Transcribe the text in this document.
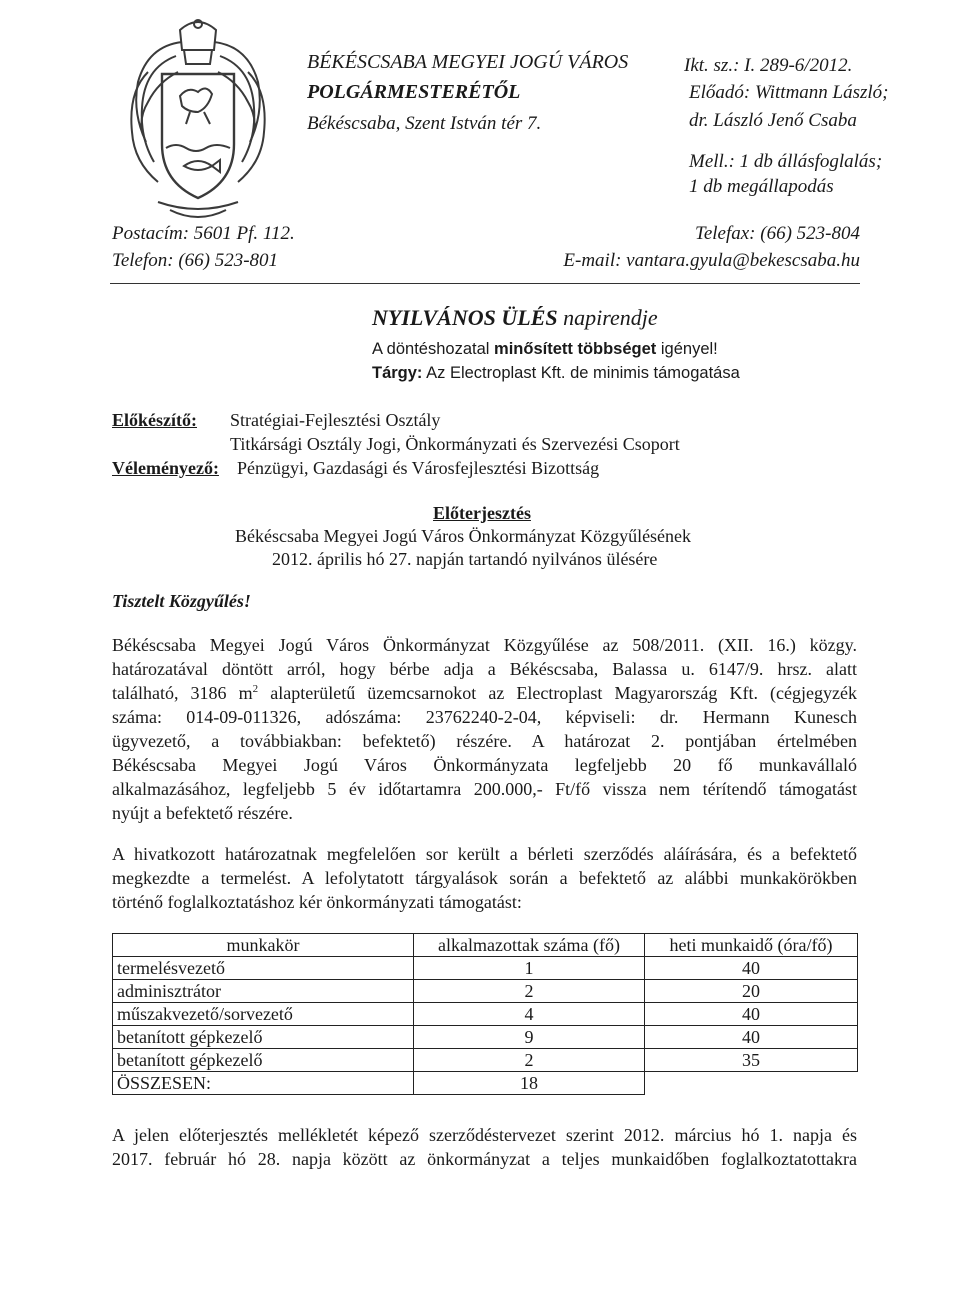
BÉKÉSCSABA MEGYEI JOGÚ VÁROS
POLGÁRMESTERÉTŐL
Békéscsaba, Szent István tér 7.
Postacím: 5601 Pf. 112.
Telefon: (66) 523-801
Ikt. sz.: I. 289-6/2012.
Előadó: Wittmann László;
dr. László Jenő Csaba
Mell.: 1 db állásfoglalás;
1 db megállapodás
Telefax: (66) 523-804
E-mail: vantara.gyula@bekescsaba.hu
NYILVÁNOS ÜLÉS napirendje
A döntéshozatal minősített többséget igényel!
Tárgy: Az Electroplast Kft. de minimis támogatása
Előkészítő: Stratégiai-Fejlesztési Osztály
Titkársági Osztály Jogi, Önkormányzati és Szervezési Csoport
Véleményező: Pénzügyi, Gazdasági és Városfejlesztési Bizottság
Előterjesztés
Békéscsaba Megyei Jogú Város Önkormányzat Közgyűlésének
2012. április hó 27. napján tartandó nyilvános ülésére
Tisztelt Közgyűlés!
Békéscsaba Megyei Jogú Város Önkormányzat Közgyűlése az 508/2011. (XII. 16.) közgy.
határozatával döntött arról, hogy bérbe adja a Békéscsaba, Balassa u. 6147/9. hrsz. alatt
található, 3186 $m^2$ alapterületű üzemcsarnokot az Electroplast Magyarország Kft. (cégjegyzék
száma: 014-09-011326, adószáma: 23762240-2-04, képviseli: dr. Hermann Kunesch
ügyvezető, a továbbiakban: befektető) részére. A határozat 2. pontjában értelmében
Békéscsaba Megyei Jogú Város Önkormányzata legfeljebb 20 fő munkavállaló
alkalmazásához, legfeljebb 5 év időtartamra 200.000,- Ft/fő vissza nem térítendő támogatást
nyújt a befektető részére.
A hivatkozott határozatnak megfelelően sor került a bérleti szerződés aláírására, és a befektető
megkezdte a termelést. A lefolytatott tárgyalások során a befektető az alábbi munkakörökben
történő foglalkoztatáshoz kér önkormányzati támogatást:
munkakör	alkalmazottak száma (fő)	heti munkaidő (óra/fő)
termelésvezető	1	40
adminisztrátor	2	20
műszakvezető/sorvezető	4	40
betanított gépkezelő	9	40
betanított gépkezelő	2	35
ÖSSZESEN:	18	
A jelen előterjesztés mellékletét képező szerződéstervezet szerint 2012. március hó 1. napja és
2017. február hó 28. napja között az önkormányzat a teljes munkaidőben foglalkoztatottakra
